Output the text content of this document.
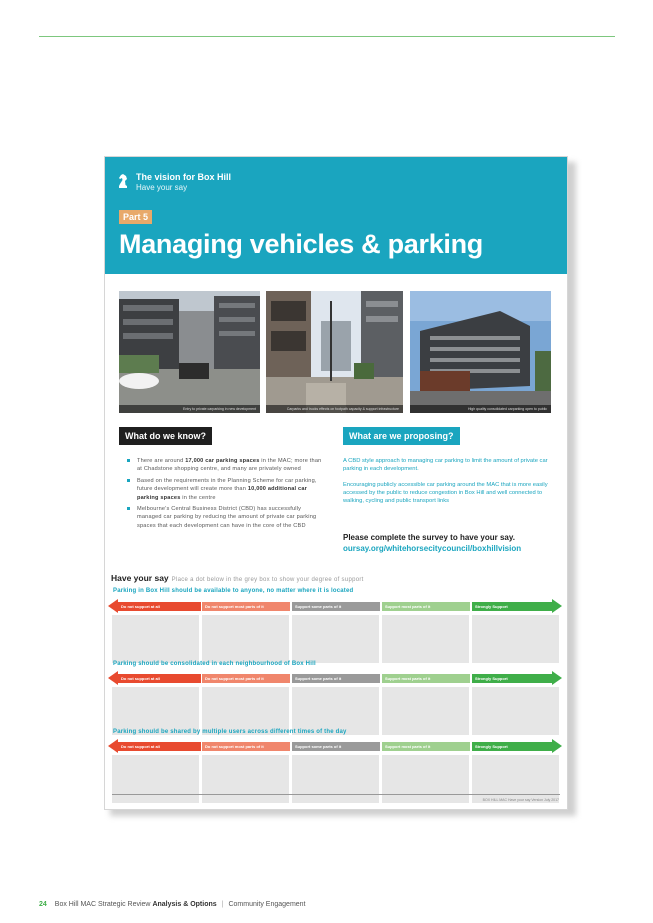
The vision for Box Hill
Have your say
Part 5
Managing vehicles & parking
Entry to private carparking in new development	Carparks and trucks effects on footpath capacity & support infrastructure	High quality consolidated carparking open to public
What do we know?
There are around 17,000 car parking spaces in the MAC; more than at Chadstone shopping centre, and many are privately owned
Based on the requirements in the Planning Scheme for car parking, future development will create more than 10,000 additional car parking spaces in the centre
Melbourne's Central Business District (CBD) has successfully managed car parking by reducing the amount of private car parking spaces that each development can have in the core of the CBD
What are we proposing?
A CBD style approach to managing car parking to limit the amount of private car parking in each development.
Encouraging publicly accessible car parking around the MAC that is more easily accessed by the public to reduce congestion in Box Hill and well connected to walking, cycling and public transport links
Please complete the survey to have your say.
oursay.org/whitehorsecitycouncil/boxhillvision
Have your say Place a dot below in the grey box to show your degree of support
Parking in Box Hill should be available to anyone, no matter where it is located
Do not support at all	Do not support most parts of it	Support some parts of it	Support most parts of it	Strongly Support
Parking should be consolidated in each neighbourhood of Box Hill
Do not support at all	Do not support most parts of it	Support some parts of it	Support most parts of it	Strongly Support
Parking should be shared by multiple users across different times of the day
Do not support at all	Do not support most parts of it	Support some parts of it	Support most parts of it	Strongly Support
BOX HILL MAC Have your say Version July 2017
24 Box Hill MAC Strategic Review Analysis & Options | Community Engagement
